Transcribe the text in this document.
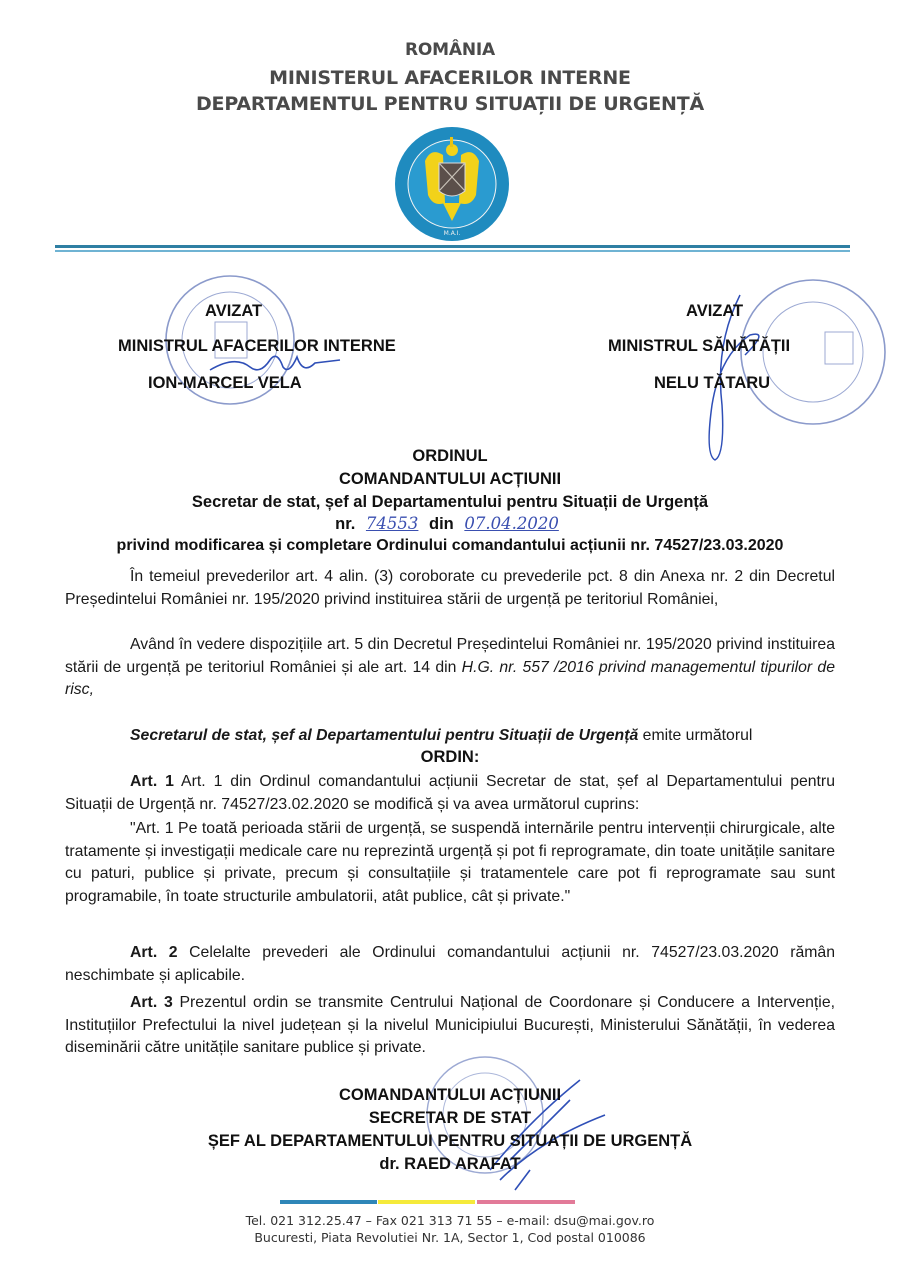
ROMÂNIA
MINISTERUL AFACERILOR INTERNE
DEPARTAMENTUL PENTRU SITUAȚII DE URGENȚĂ
M.A.I.
AVIZAT
MINISTRUL AFACERILOR INTERNE
ION-MARCEL VELA
AVIZAT
MINISTRUL SĂNĂTĂȚII
NELU TĂTARU
ORDINUL
COMANDANTULUI ACȚIUNII
Secretar de stat, șef al Departamentului pentru Situații de Urgență
nr. 74553 din 07.04.2020
privind modificarea și completare Ordinului comandantului acțiunii nr. 74527/23.03.2020
În temeiul prevederilor art. 4 alin. (3) coroborate cu prevederile pct. 8 din Anexa nr. 2 din Decretul Președintelui României nr. 195/2020 privind instituirea stării de urgență pe teritoriul României,
Având în vedere dispozițiile art. 5 din Decretul Președintelui României nr. 195/2020 privind instituirea stării de urgență pe teritoriul României și ale art. 14 din H.G. nr. 557 /2016 privind managementul tipurilor de risc,
Secretarul de stat, șef al Departamentului pentru Situații de Urgență emite următorul
ORDIN:
Art. 1 Art. 1 din Ordinul comandantului acțiunii Secretar de stat, șef al Departamentului pentru Situații de Urgență nr. 74527/23.02.2020 se modifică și va avea următorul cuprins:
"Art. 1 Pe toată perioada stării de urgență, se suspendă internările pentru intervenții chirurgicale, alte tratamente și investigații medicale care nu reprezintă urgență și pot fi reprogramate, din toate unitățile sanitare cu paturi, publice și private, precum și consultațiile și tratamentele care pot fi reprogramate sau sunt programabile, în toate structurile ambulatorii, atât publice, cât și private."
Art. 2 Celelalte prevederi ale Ordinului comandantului acțiunii nr. 74527/23.03.2020 rămân neschimbate și aplicabile.
Art. 3 Prezentul ordin se transmite Centrului Național de Coordonare și Conducere a Intervenție, Instituțiilor Prefectului la nivel județean și la nivelul Municipiului București, Ministerului Sănătății, în vederea diseminării către unitățile sanitare publice și private.
COMANDANTULUI ACȚIUNII
SECRETAR DE STAT
ȘEF AL DEPARTAMENTULUI PENTRU SITUAȚII DE URGENȚĂ
dr. RAED ARAFAT
Tel. 021 312.25.47 – Fax 021 313 71 55 – e-mail: dsu@mai.gov.ro
Bucuresti, Piata Revolutiei Nr. 1A, Sector 1, Cod postal 010086
